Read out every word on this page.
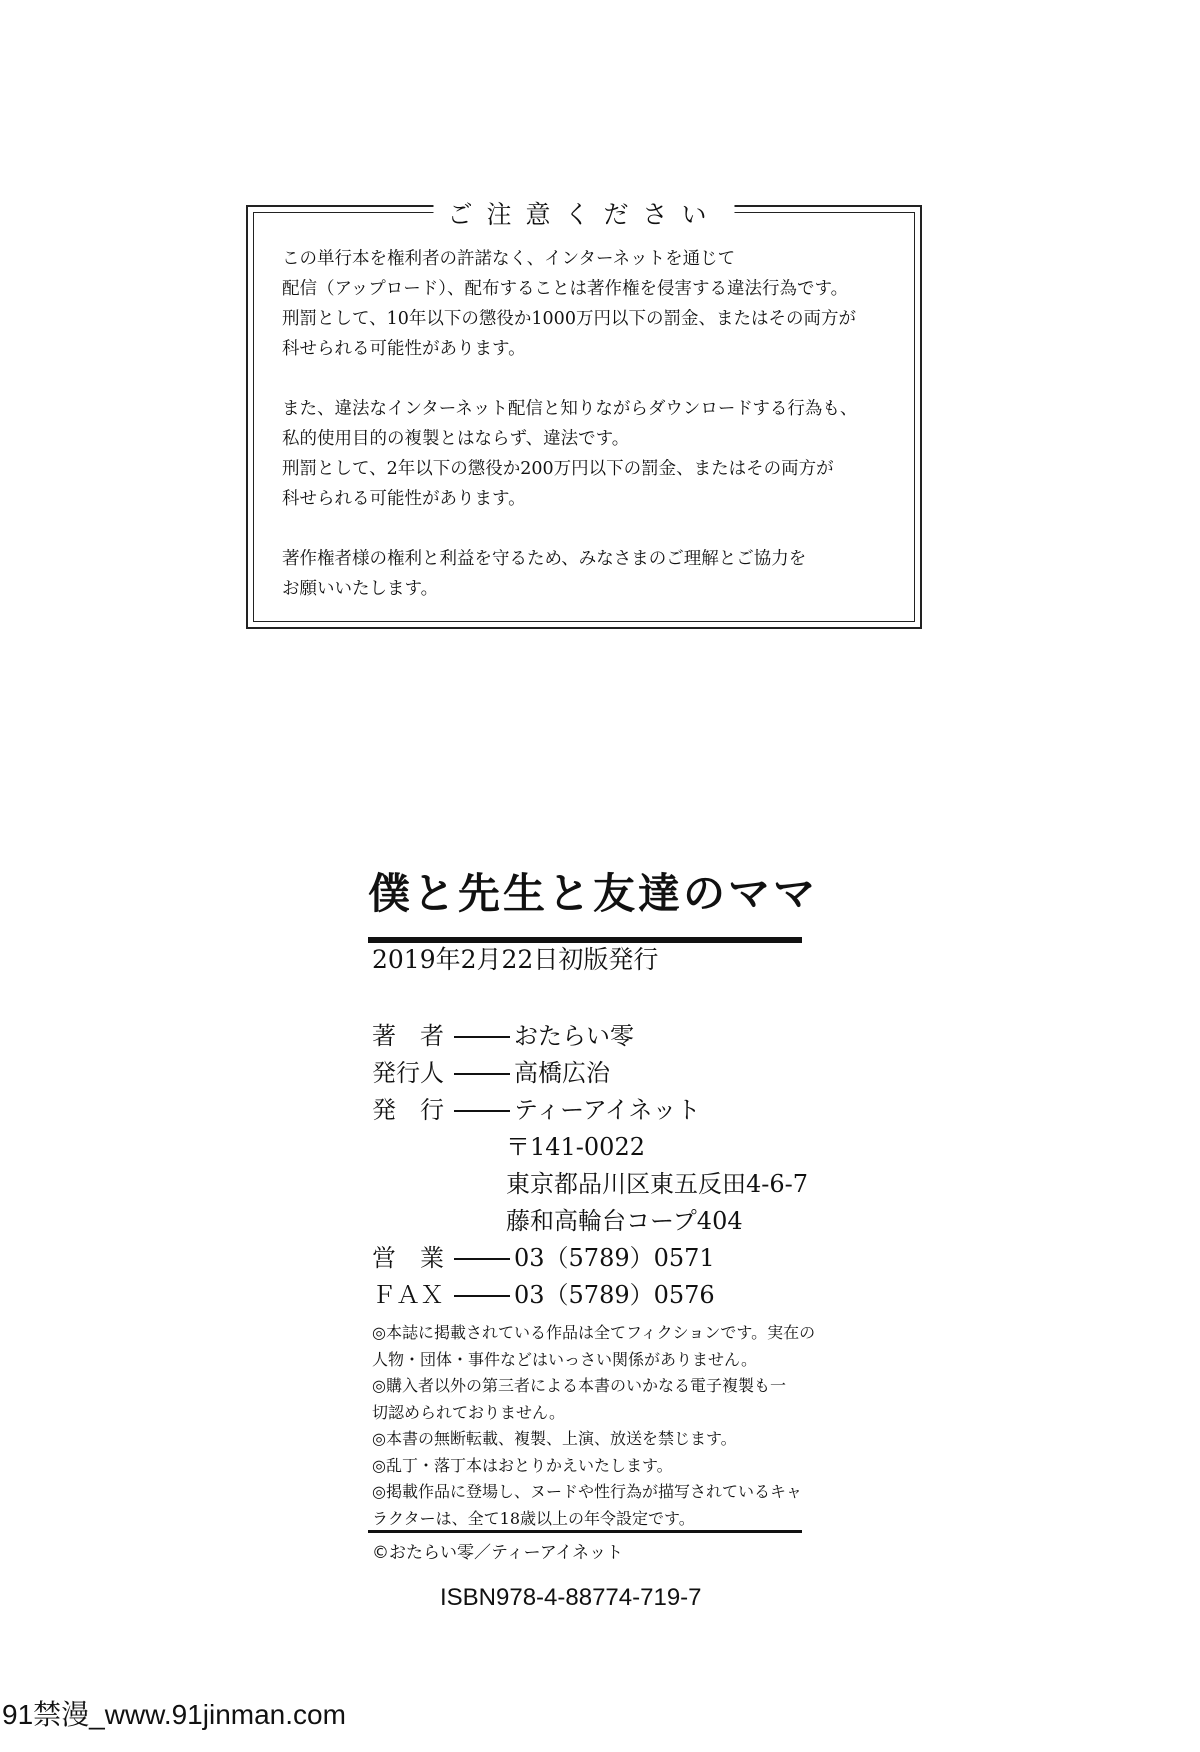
ご注意ください

この単行本を権利者の許諾なく、インターネットを通じて
配信（アップロード）、配布することは著作権を侵害する違法行為です。
刑罰として、10年以下の懲役か1000万円以下の罰金、またはその両方が
科せられる可能性があります。

また、違法なインターネット配信と知りながらダウンロードする行為も、
私的使用目的の複製とはならず、違法です。
刑罰として、2年以下の懲役か200万円以下の罰金、またはその両方が
科せられる可能性があります。

著作権者様の権利と利益を守るため、みなさまのご理解とご協力を
お願いいたします。

僕と先生と友達のママ
2019年2月22日初版発行
著　者	おたらい零
発行人	高橋広治
発　行	ティーアイネット
〒141-0022
東京都品川区東五反田4-6-7
藤和高輪台コープ404
営　業	03（5789）0571
ＦＡＸ	03（5789）0576
◎本誌に掲載されている作品は全てフィクションです。実在の
人物・団体・事件などはいっさい関係がありません。
◎購入者以外の第三者による本書のいかなる電子複製も一
切認められておりません。
◎本書の無断転載、複製、上演、放送を禁じます。
◎乱丁・落丁本はおとりかえいたします。
◎掲載作品に登場し、ヌードや性行為が描写されているキャ
ラクターは、全て18歳以上の年令設定です。
©おたらい零／ティーアイネット
ISBN978-4-88774-719-7
91禁漫_www.91jinman.com
